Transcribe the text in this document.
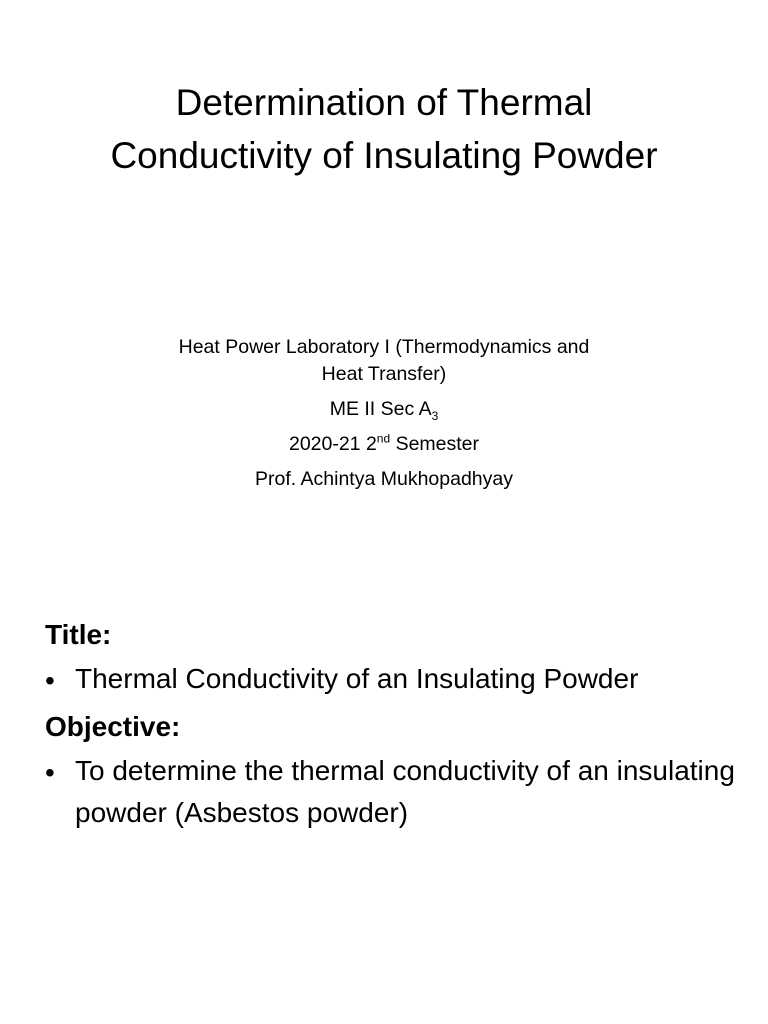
Determination of Thermal
Conductivity of Insulating Powder
Heat Power Laboratory I (Thermodynamics and
Heat Transfer)
ME II Sec $A_3$
2020-21 2nd Semester
Prof. Achintya Mukhopadhyay
Title:
• Thermal Conductivity of an Insulating Powder
Objective:
• To determine the thermal conductivity of an insulating powder (Asbestos powder)
